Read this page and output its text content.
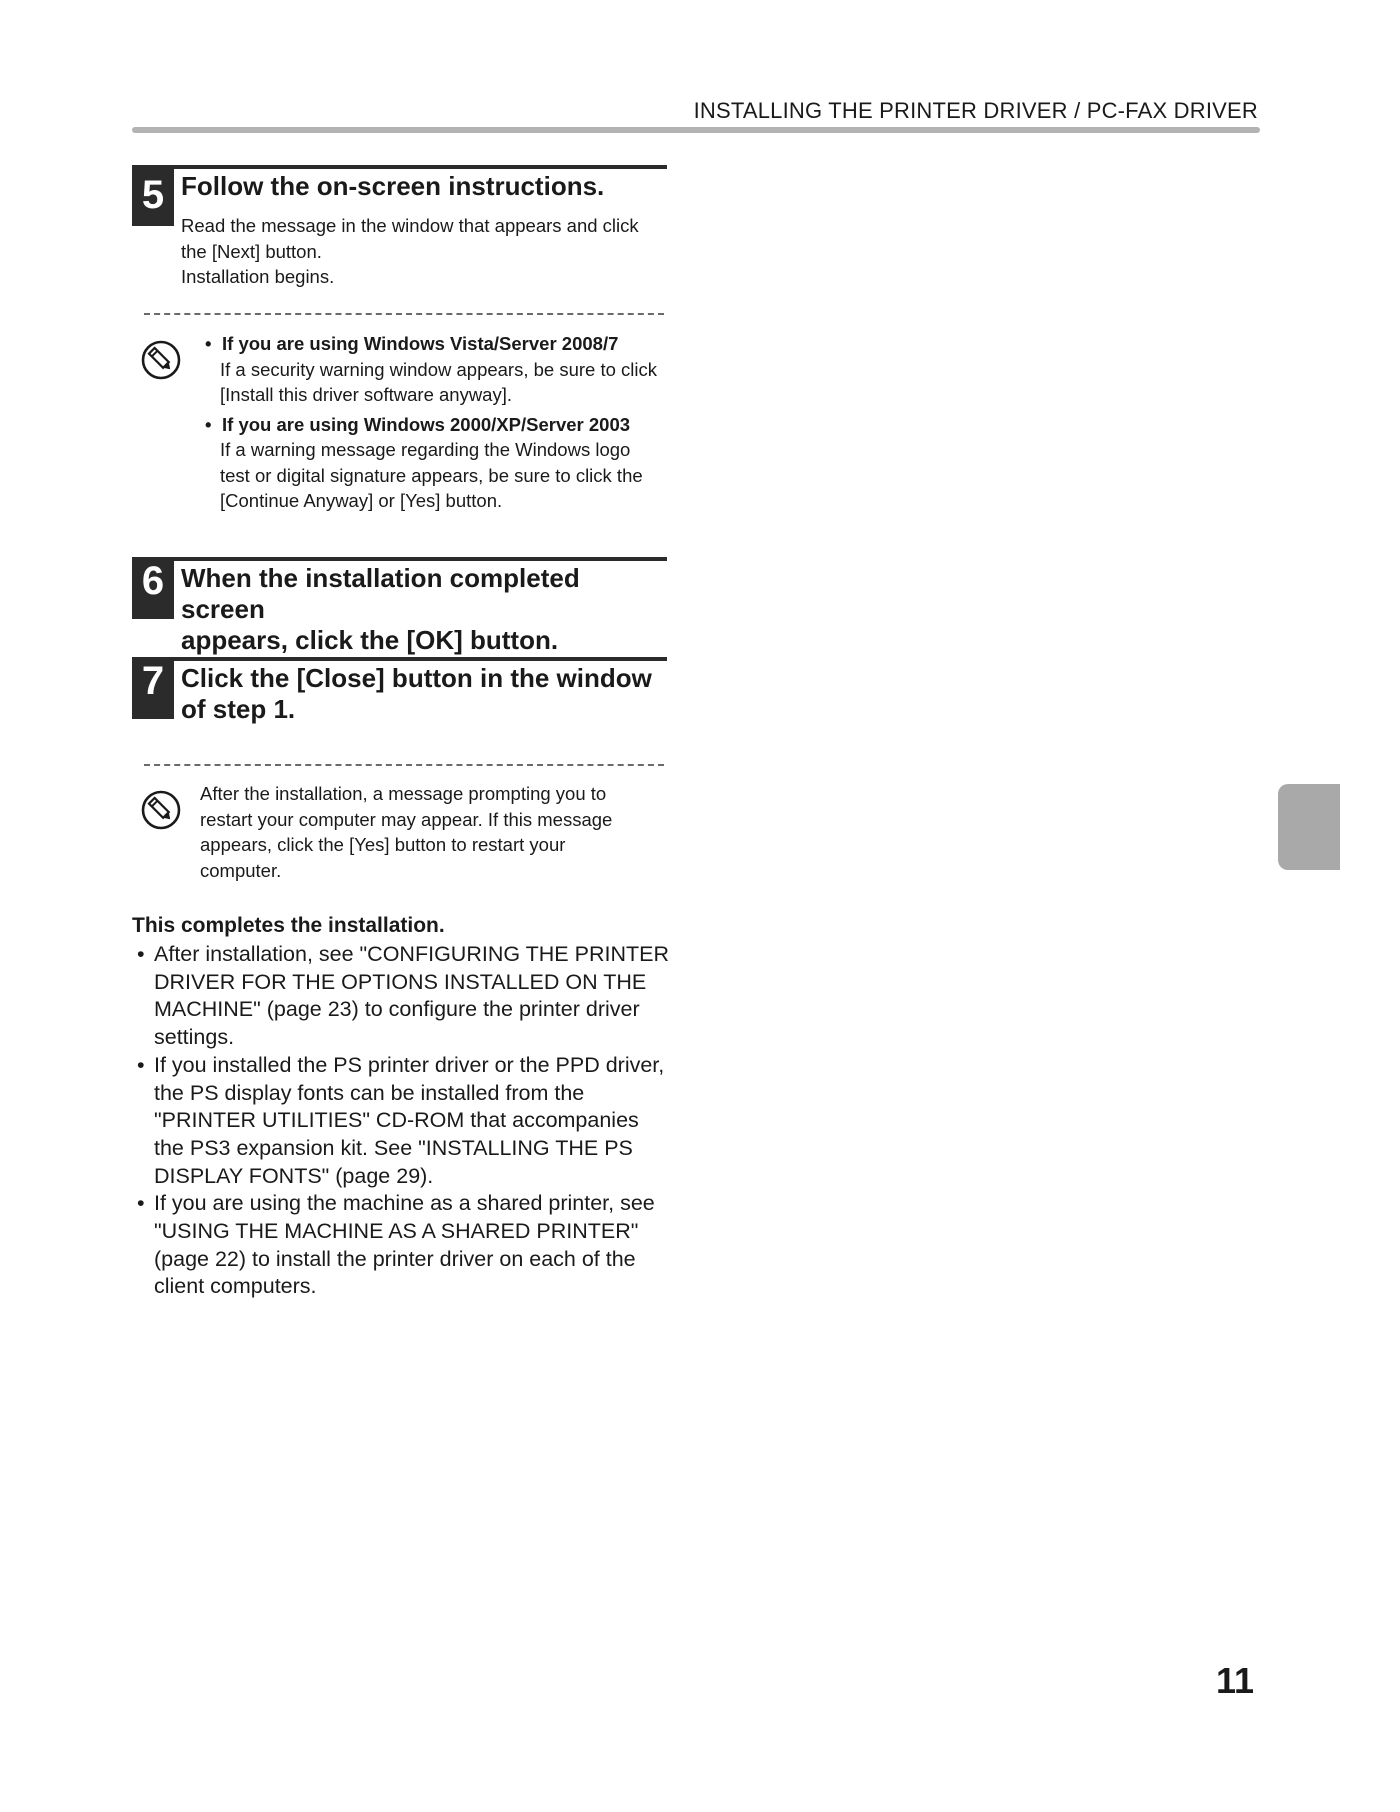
INSTALLING THE PRINTER DRIVER / PC-FAX DRIVER
5 Follow the on-screen instructions.
Read the message in the window that appears and click
the [Next] button.
Installation begins.
• If you are using Windows Vista/Server 2008/7
If a security warning window appears, be sure to click
[Install this driver software anyway].
• If you are using Windows 2000/XP/Server 2003
If a warning message regarding the Windows logo
test or digital signature appears, be sure to click the
[Continue Anyway] or [Yes] button.
6 When the installation completed screen
appears, click the [OK] button.
7 Click the [Close] button in the window
of step 1.
After the installation, a message prompting you to
restart your computer may appear. If this message
appears, click the [Yes] button to restart your
computer.
This completes the installation.
• After installation, see "CONFIGURING THE PRINTER
DRIVER FOR THE OPTIONS INSTALLED ON THE
MACHINE" (page 23) to configure the printer driver
settings.
• If you installed the PS printer driver or the PPD driver,
the PS display fonts can be installed from the
"PRINTER UTILITIES" CD-ROM that accompanies
the PS3 expansion kit. See "INSTALLING THE PS
DISPLAY FONTS" (page 29).
• If you are using the machine as a shared printer, see
"USING THE MACHINE AS A SHARED PRINTER"
(page 22) to install the printer driver on each of the
client computers.
11
